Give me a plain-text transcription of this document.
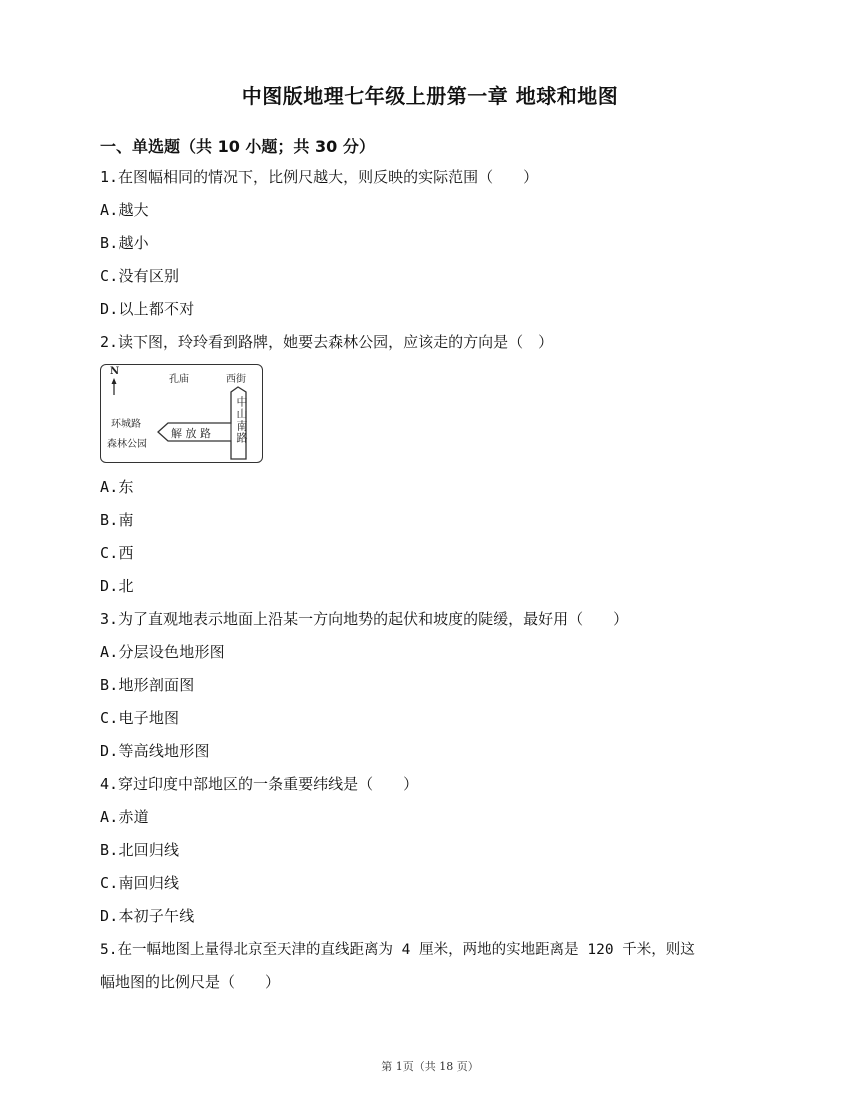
中图版地理七年级上册第一章 地球和地图
一、单选题（共 10 小题；共 30 分）
1.在图幅相同的情况下，比例尺越大，则反映的实际范围（　　）
A.越大
B.越小
C.没有区别
D.以上都不对
2.读下图，玲玲看到路牌，她要去森林公园，应该走的方向是（　）
N
孔庙	西街
中山南路
环城路
森林公园
解 放 路
A.东
B.南
C.西
D.北
3.为了直观地表示地面上沿某一方向地势的起伏和坡度的陡缓，最好用（　　）
A.分层设色地形图
B.地形剖面图
C.电子地图
D.等高线地形图
4.穿过印度中部地区的一条重要纬线是（　　）
A.赤道
B.北回归线
C.南回归线
D.本初子午线
5.在一幅地图上量得北京至天津的直线距离为 4 厘米，两地的实地距离是 120 千米，则这
幅地图的比例尺是（　　）
第 1页（共 18 页）
